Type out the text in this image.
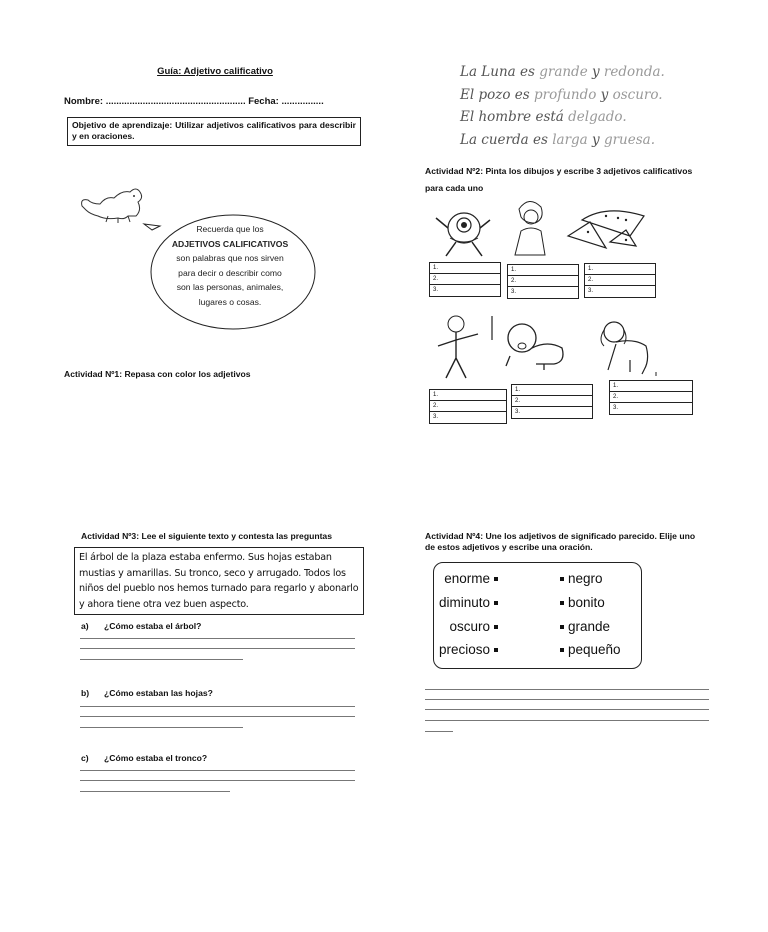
Guía: Adjetivo calificativo
Nombre: ..................................................... Fecha: ................
Objetivo de aprendizaje: Utilizar adjetivos calificativos para describir y en oraciones.
Recuerda que los
ADJETIVOS CALIFICATIVOS
son palabras que nos sirven
para decir o describir como
son las personas, animales,
lugares o cosas.
Actividad Nº1: Repasa con color los adjetivos
La Luna es grande y redonda.
El pozo es profundo y oscuro.
El hombre está delgado.
La cuerda es larga y gruesa.
Actividad Nº2: Pinta los dibujos y escribe 3 adjetivos calificativos
para cada uno
1.
2.
3.
1.
2.
3.
1.
2.
3.
1.
2.
3.
1.
2.
3.
1.
2.
3.
Actividad Nº3: Lee el siguiente texto y contesta las preguntas
El árbol de la plaza estaba enfermo. Sus hojas estaban mustias y amarillas. Su tronco, seco y arrugado. Todos los niños del pueblo nos hemos turnado para regarlo y abonarlo y ahora tiene otra vez buen aspecto.
a) ¿Cómo estaba el árbol?
b) ¿Cómo estaban las hojas?
c) ¿Cómo estaba el tronco?
Actividad Nº4: Une los adjetivos de significado parecido. Elije uno
de estos adjetivos y escribe una oración.
enorme
diminuto
oscuro
precioso
negro
bonito
grande
pequeño
